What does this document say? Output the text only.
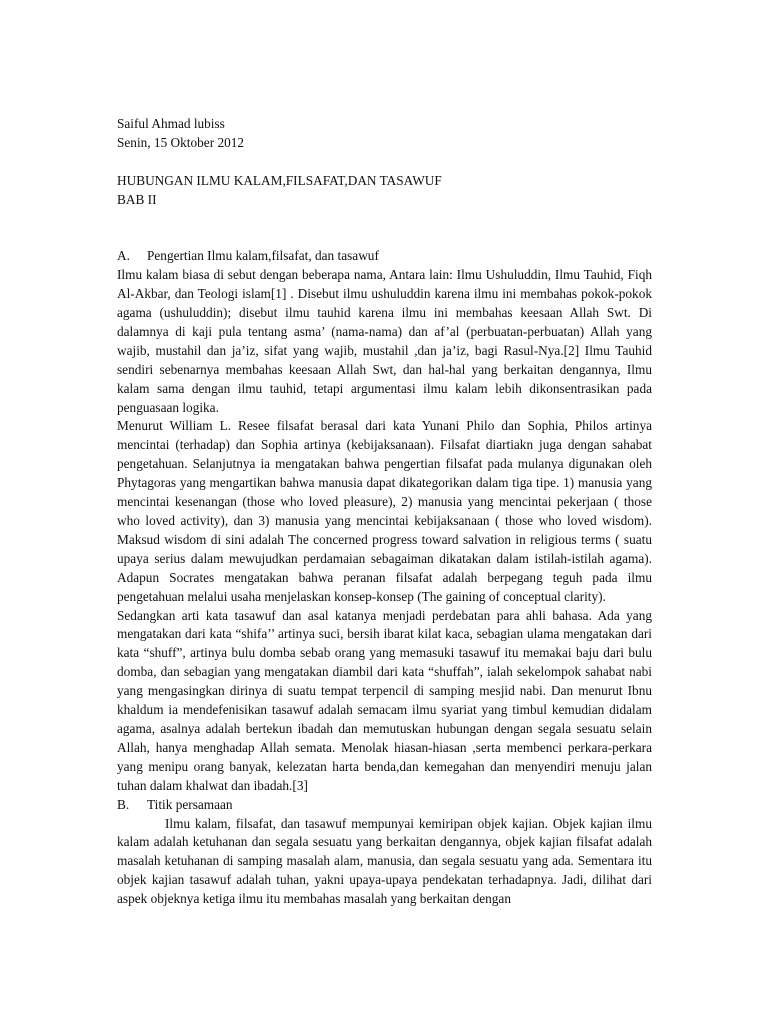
Saiful Ahmad lubiss
Senin, 15 Oktober 2012
HUBUNGAN ILMU KALAM,FILSAFAT,DAN TASAWUF
BAB II
A.	Pengertian Ilmu kalam,filsafat, dan tasawuf

Ilmu kalam biasa di sebut dengan beberapa nama, Antara lain: Ilmu Ushuluddin, Ilmu Tauhid, Fiqh Al-Akbar, dan Teologi islam[1] . Disebut ilmu ushuluddin karena ilmu ini membahas pokok-pokok agama (ushuluddin); disebut ilmu tauhid karena ilmu ini membahas keesaan Allah Swt. Di dalamnya di kaji pula tentang asma’ (nama-nama) dan af’al (perbuatan-perbuatan) Allah yang wajib, mustahil dan ja’iz, sifat yang wajib, mustahil ,dan ja’iz, bagi Rasul-Nya.[2] Ilmu Tauhid sendiri sebenarnya membahas keesaan Allah Swt, dan hal-hal yang berkaitan dengannya, Ilmu kalam sama dengan ilmu tauhid, tetapi argumentasi ilmu kalam lebih dikonsentrasikan pada penguasaan logika.

Menurut William L. Resee filsafat berasal dari kata Yunani Philo dan Sophia, Philos artinya mencintai (terhadap) dan Sophia artinya (kebijaksanaan). Filsafat diartiakn juga dengan sahabat pengetahuan. Selanjutnya ia mengatakan bahwa pengertian filsafat pada mulanya digunakan oleh Phytagoras yang mengartikan bahwa manusia dapat dikategorikan dalam tiga tipe. 1) manusia yang mencintai kesenangan (those who loved pleasure), 2) manusia yang mencintai pekerjaan ( those who loved activity), dan 3) manusia yang mencintai kebijaksanaan ( those who loved wisdom). Maksud wisdom di sini adalah The concerned progress toward salvation in religious terms ( suatu upaya serius dalam mewujudkan perdamaian sebagaiman dikatakan dalam istilah-istilah agama). Adapun Socrates mengatakan bahwa peranan filsafat adalah berpegang teguh pada ilmu pengetahuan melalui usaha menjelaskan konsep-konsep (The gaining of conceptual clarity).

Sedangkan arti kata tasawuf dan asal katanya menjadi perdebatan para ahli bahasa. Ada yang mengatakan dari kata “shifa’’ artinya suci, bersih ibarat kilat kaca, sebagian ulama mengatakan dari kata “shuff”, artinya bulu domba sebab orang yang memasuki tasawuf itu memakai baju dari bulu domba, dan sebagian yang mengatakan diambil dari kata “shuffah”, ialah sekelompok sahabat nabi yang mengasingkan dirinya di suatu tempat terpencil di samping mesjid nabi. Dan menurut Ibnu khaldum ia mendefenisikan tasawuf adalah semacam ilmu syariat yang timbul kemudian didalam agama, asalnya adalah bertekun ibadah dan memutuskan hubungan dengan segala sesuatu selain Allah, hanya menghadap Allah semata. Menolak hiasan-hiasan ,serta membenci perkara-perkara yang menipu orang banyak, kelezatan harta benda,dan kemegahan dan menyendiri menuju jalan tuhan dalam khalwat dan ibadah.[3]

B.	Titik persamaan

Ilmu kalam, filsafat, dan tasawuf mempunyai kemiripan objek kajian. Objek kajian ilmu kalam adalah ketuhanan dan segala sesuatu yang berkaitan dengannya, objek kajian filsafat adalah masalah ketuhanan di samping masalah alam, manusia, dan segala sesuatu yang ada. Sementara itu objek kajian tasawuf adalah tuhan, yakni upaya-upaya pendekatan terhadapnya. Jadi, dilihat dari aspek objeknya ketiga ilmu itu membahas masalah yang berkaitan dengan
